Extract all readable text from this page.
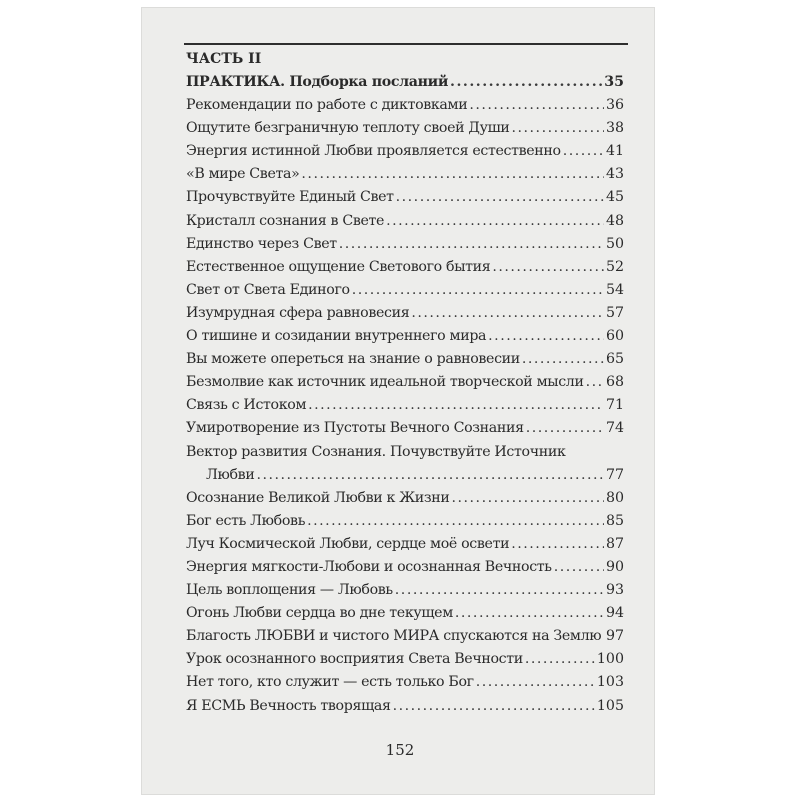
ЧАСТЬ II
ПРАКТИКА. Подборка посланий .....	35
Рекомендации по работе с диктовками .....	36
Ощутите безграничную теплоту своей Души .....	38
Энергия истинной Любви проявляется естественно .....	41
«В мире Света» .....	43
Прочувствуйте Единый Свет .....	45
Кристалл сознания в Свете .....	48
Единство через Свет .....	50
Естественное ощущение Светового бытия .....	52
Свет от Света Единого .....	54
Изумрудная сфера равновесия .....	57
О тишине и созидании внутреннего мира .....	60
Вы можете опереться на знание о равновесии .....	65
Безмолвие как источник идеальной творческой мысли ..... 68
Связь с Истоком .....	71
Умиротворение из Пустоты Вечного Сознания .....	74
Вектор развития Сознания. Почувствуйте Источник
Любви .....	77
Осознание Великой Любви к Жизни .....	80
Бог есть Любовь .....	85
Луч Космической Любви, сердце моё освети .....	87
Энергия мягкости-Любови и осознанная Вечность .....	90
Цель воплощения — Любовь .....	93
Огонь Любви сердца во дне текущем .....	94
Благость ЛЮБВИ и чистого МИРА спускаются на Землю ..... 97
Урок осознанного восприятия Света Вечности .....	100
Нет того, кто служит — есть только Бог .....	103
Я ЕСМЬ Вечность творящая .....	105
152
